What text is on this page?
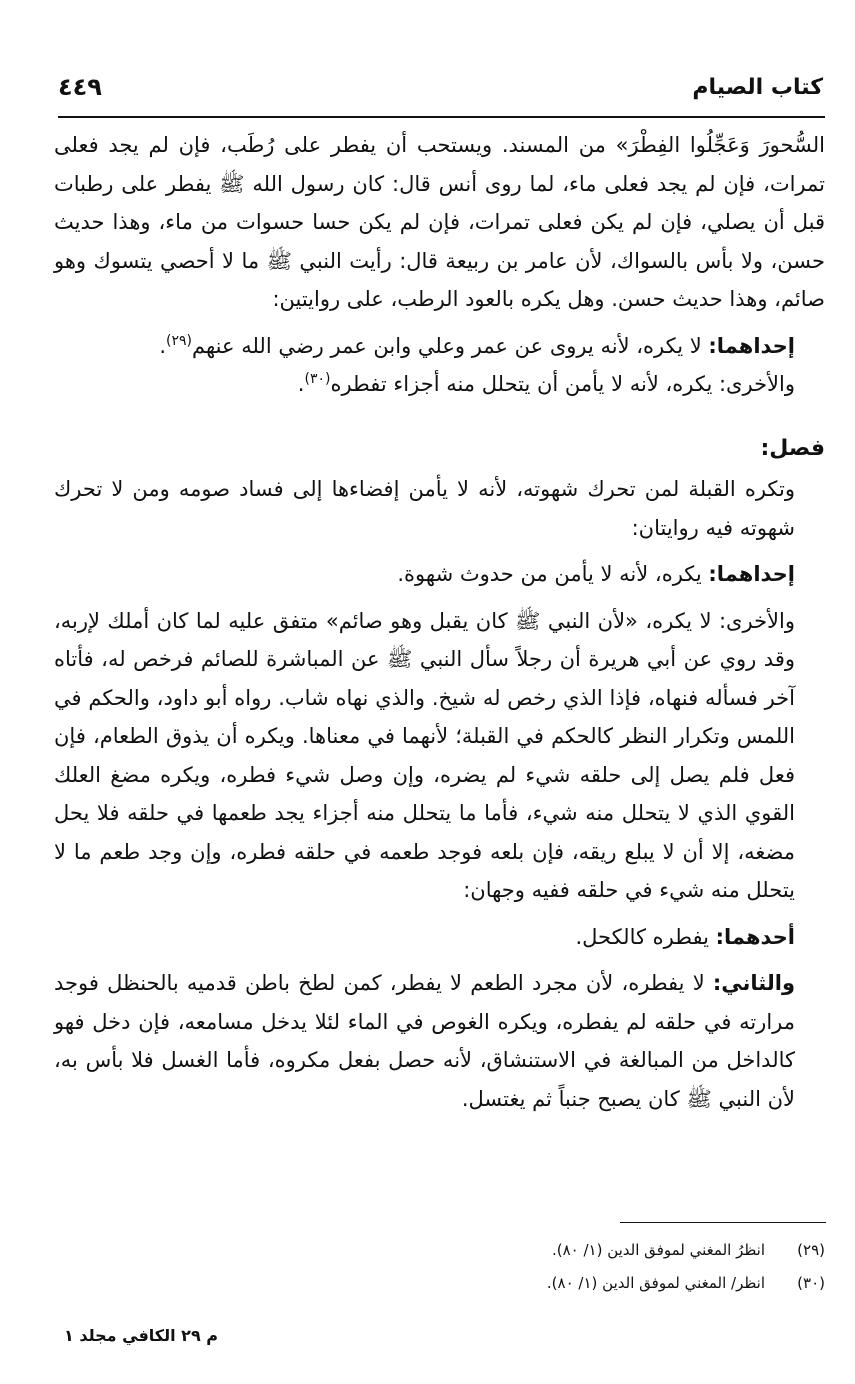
٤٤٩	كتاب الصيام

السُّحورَ وَعَجِّلُوا الفِطْرَ» من المسند. ويستحب أن يفطر على رُطَب، فإن لم يجد فعلى تمرات، فإن لم يجد فعلى ماء، لما روى أنس قال: كان رسول الله ﷺ يفطر على رطبات قبل أن يصلي، فإن لم يكن فعلى تمرات، فإن لم يكن حسا حسوات من ماء، وهذا حديث حسن، ولا بأس بالسواك، لأن عامر بن ربيعة قال: رأيت النبي ﷺ ما لا أحصي يتسوك وهو صائم، وهذا حديث حسن. وهل يكره بالعود الرطب، على روايتين:

إحداهما: لا يكره، لأنه يروى عن عمر وعلي وابن عمر رضي الله عنهم$^{(٢٩)}$.

والأخرى: يكره، لأنه لا يأمن أن يتحلل منه أجزاء تفطره$^{(٣٠)}$.

فصل:

وتكره القبلة لمن تحرك شهوته، لأنه لا يأمن إفضاءها إلى فساد صومه ومن لا تحرك شهوته فيه روايتان:

إحداهما: يكره، لأنه لا يأمن من حدوث شهوة.

والأخرى: لا يكره، «لأن النبي ﷺ كان يقبل وهو صائم» متفق عليه لما كان أملك لإربه، وقد روي عن أبي هريرة أن رجلاً سأل النبي ﷺ عن المباشرة للصائم فرخص له، فأتاه آخر فسأله فنهاه، فإذا الذي رخص له شيخ. والذي نهاه شاب. رواه أبو داود، والحكم في اللمس وتكرار النظر كالحكم في القبلة؛ لأنهما في معناها. ويكره أن يذوق الطعام، فإن فعل فلم يصل إلى حلقه شيء لم يضره، وإن وصل شيء فطره، ويكره مضغ العلك القوي الذي لا يتحلل منه شيء، فأما ما يتحلل منه أجزاء يجد طعمها في حلقه فلا يحل مضغه، إلا أن لا يبلع ريقه، فإن بلعه فوجد طعمه في حلقه فطره، وإن وجد طعم ما لا يتحلل منه شيء في حلقه ففيه وجهان:

أحدهما: يفطره كالكحل.

والثاني: لا يفطره، لأن مجرد الطعم لا يفطر، كمن لطخ باطن قدميه بالحنظل فوجد مرارته في حلقه لم يفطره، ويكره الغوص في الماء لئلا يدخل مسامعه، فإن دخل فهو كالداخل من المبالغة في الاستنشاق، لأنه حصل بفعل مكروه، فأما الغسل فلا بأس به، لأن النبي ﷺ كان يصبح جنباً ثم يغتسل.

(٢٩)
انظرُ المغني لموفق الدين (١/ ٨٠).
(٣٠)
انظر/ المغني لموفق الدين (١/ ٨٠).
م ٢٩ الكافي مجلد ١
